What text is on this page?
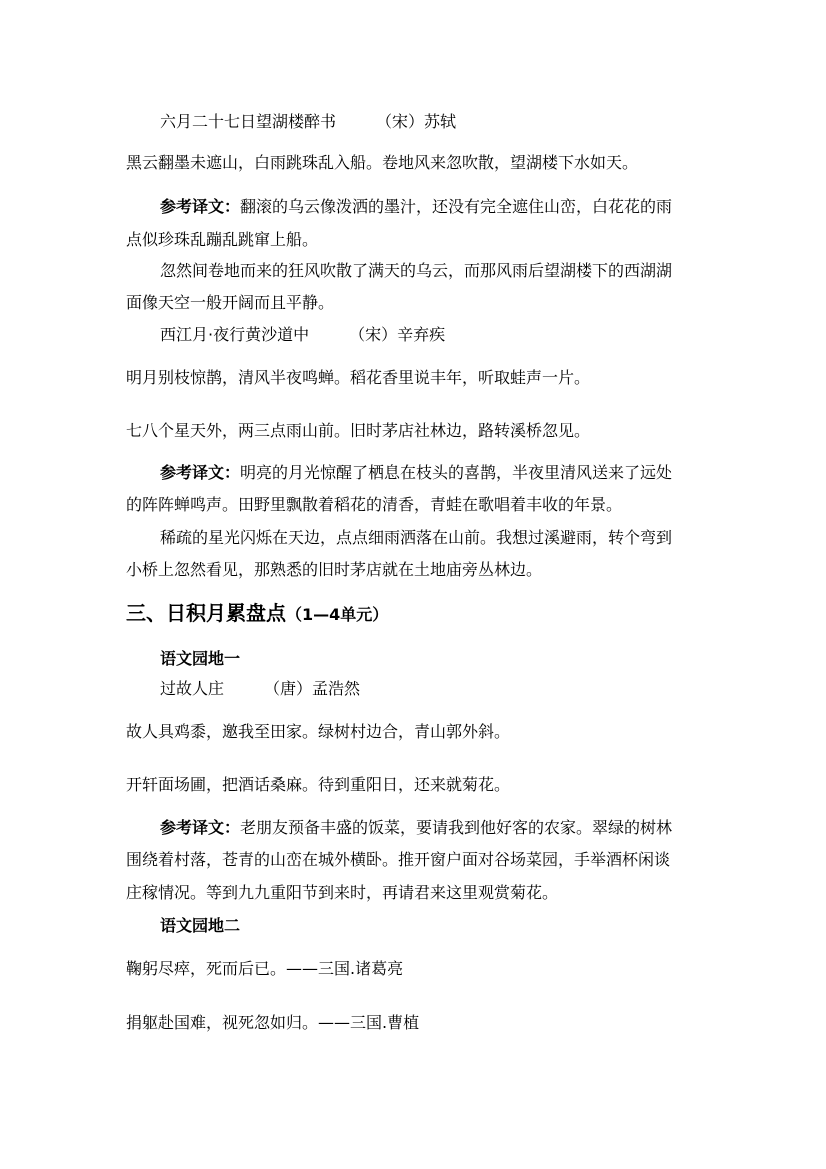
六月二十七日望湖楼醉书	（宋）苏轼
黑云翻墨未遮山，白雨跳珠乱入船。卷地风来忽吹散，望湖楼下水如天。
参考译文：翻滚的乌云像泼洒的墨汁，还没有完全遮住山峦，白花花的雨
点似珍珠乱蹦乱跳窜上船。
忽然间卷地而来的狂风吹散了满天的乌云，而那风雨后望湖楼下的西湖湖
面像天空一般开阔而且平静。
西江月·夜行黄沙道中	（宋）辛弃疾
明月别枝惊鹊，清风半夜鸣蝉。稻花香里说丰年，听取蛙声一片。
七八个星天外，两三点雨山前。旧时茅店社林边，路转溪桥忽见。
参考译文：明亮的月光惊醒了栖息在枝头的喜鹊，半夜里清风送来了远处
的阵阵蝉鸣声。田野里飘散着稻花的清香，青蛙在歌唱着丰收的年景。
稀疏的星光闪烁在天边，点点细雨洒落在山前。我想过溪避雨，转个弯到
小桥上忽然看见，那熟悉的旧时茅店就在土地庙旁丛林边。
三、日积月累盘点（1—4单元）
语文园地一
过故人庄	（唐）孟浩然
故人具鸡黍，邀我至田家。绿树村边合，青山郭外斜。
开轩面场圃，把酒话桑麻。待到重阳日，还来就菊花。
参考译文：老朋友预备丰盛的饭菜，要请我到他好客的农家。翠绿的树林
围绕着村落，苍青的山峦在城外横卧。推开窗户面对谷场菜园，手举酒杯闲谈
庄稼情况。等到九九重阳节到来时，再请君来这里观赏菊花。
语文园地二
鞠躬尽瘁，死而后已。——三国.诸葛亮
捐躯赴国难，视死忽如归。——三国.曹植
